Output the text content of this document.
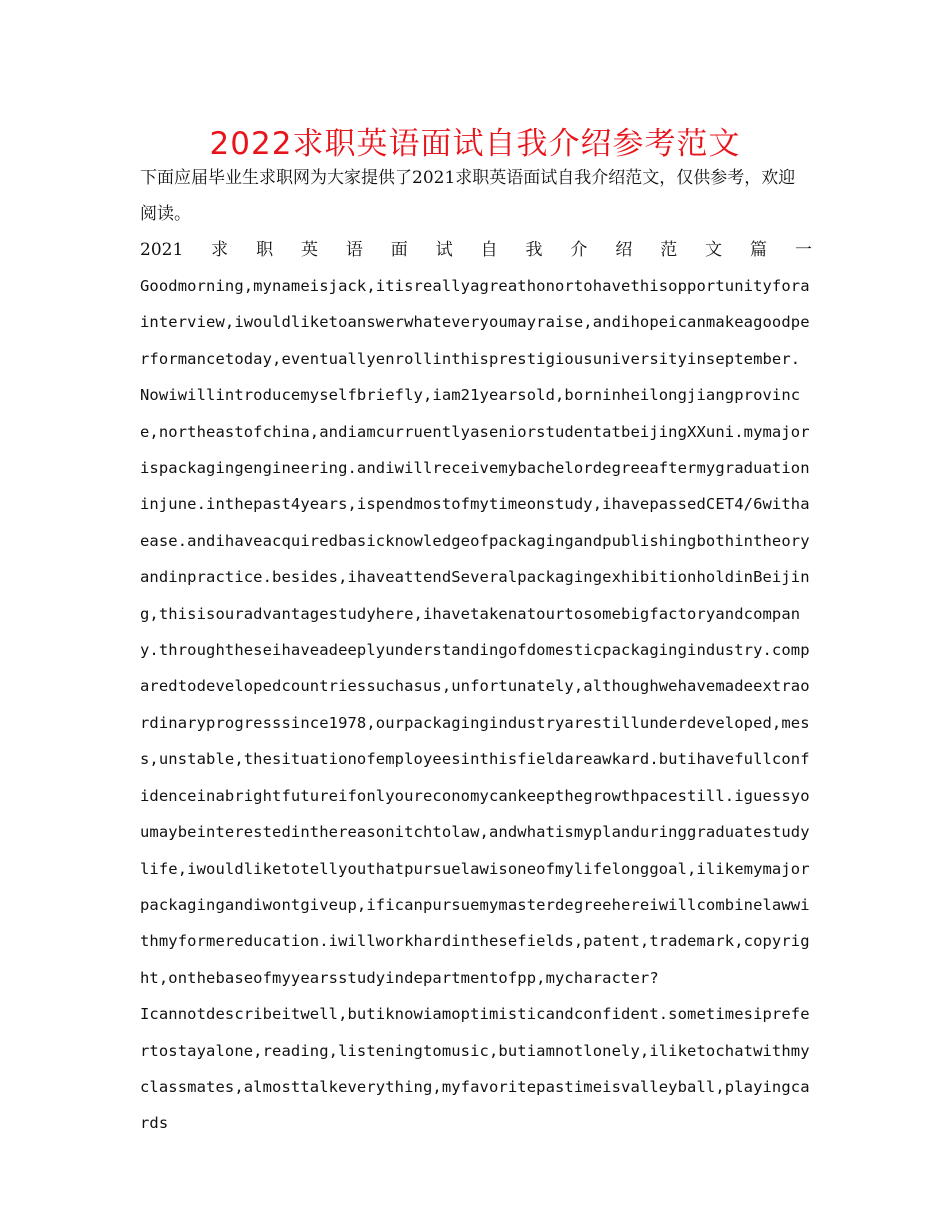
2022求职英语面试自我介绍参考范文

下面应届毕业生求职网为大家提供了2021求职英语面试自我介绍范文，仅供参考，欢迎阅读。

2021 求 职 英 语 面 试 自 我 介 绍 范 文 篇 一

Goodmorning,mynameisjack,itisreallyagreathonortohavethisopportunityforainterview,iwouldliketoanswerwhateveryoumayraise,andihopeicanmakeagoodperformancetoday,eventuallyenrollinthisprestigiousuniversityinseptember.

Nowiwillintroducemyselfbriefly,iam21yearsold,borninheilongjiangprovince,northeastofchina,andiamcurruentlyaseniorstudentatbeijingXXuni.mymajorispackagingengineering.andiwillreceivemybachelordegreeaftermygraduationinjune.inthepast4years,ispendmostofmytimeonstudy,ihavepassedCET4/6withaease.andihaveacquiredbasicknowledgeofpackagingandpublishingbothintheoryandinpractice.besides,ihaveattendSeveralpackagingexhibitionholdinBeijing,thisisouradvantagestudyhere,ihavetakenatourtosomebigfactoryandcompany.throughtheseihaveadeeplyunderstandingofdomesticpackagingindustry.comparedtodevelopedcountriessuchasus,unfortunately,althoughwehavemadeextraordinaryprogresssince1978,ourpackagingindustryarestillunderdeveloped,mess,unstable,thesituationofemployeesinthisfieldareawkard.butihavefullconfidenceinabrightfutureifonlyoureconomycankeepthegrowthpacestill.iguessyoumaybeinterestedinthereasonitchtolaw,andwhatismyplanduringgraduatestudylife,iwouldliketotellyouthatpursuelawisoneofmylifelonggoal,ilikemymajorpackagingandiwontgiveup,ificanpursuemymasterdegreehereiwillcombinelawwithmyformereducation.iwillworkhardinthesefields,patent,trademark,copyright,onthebaseofmyyearsstudyindepartmentofpp,mycharacter?

Icannotdescribeitwell,butiknowiamoptimisticandconfident.sometimesiprefertostayalone,reading,listeningtomusic,butiamnotlonely,iliketochatwithmyclassmates,almosttalkeverything,myfavoritepastimeisvalleyball,playingcards
